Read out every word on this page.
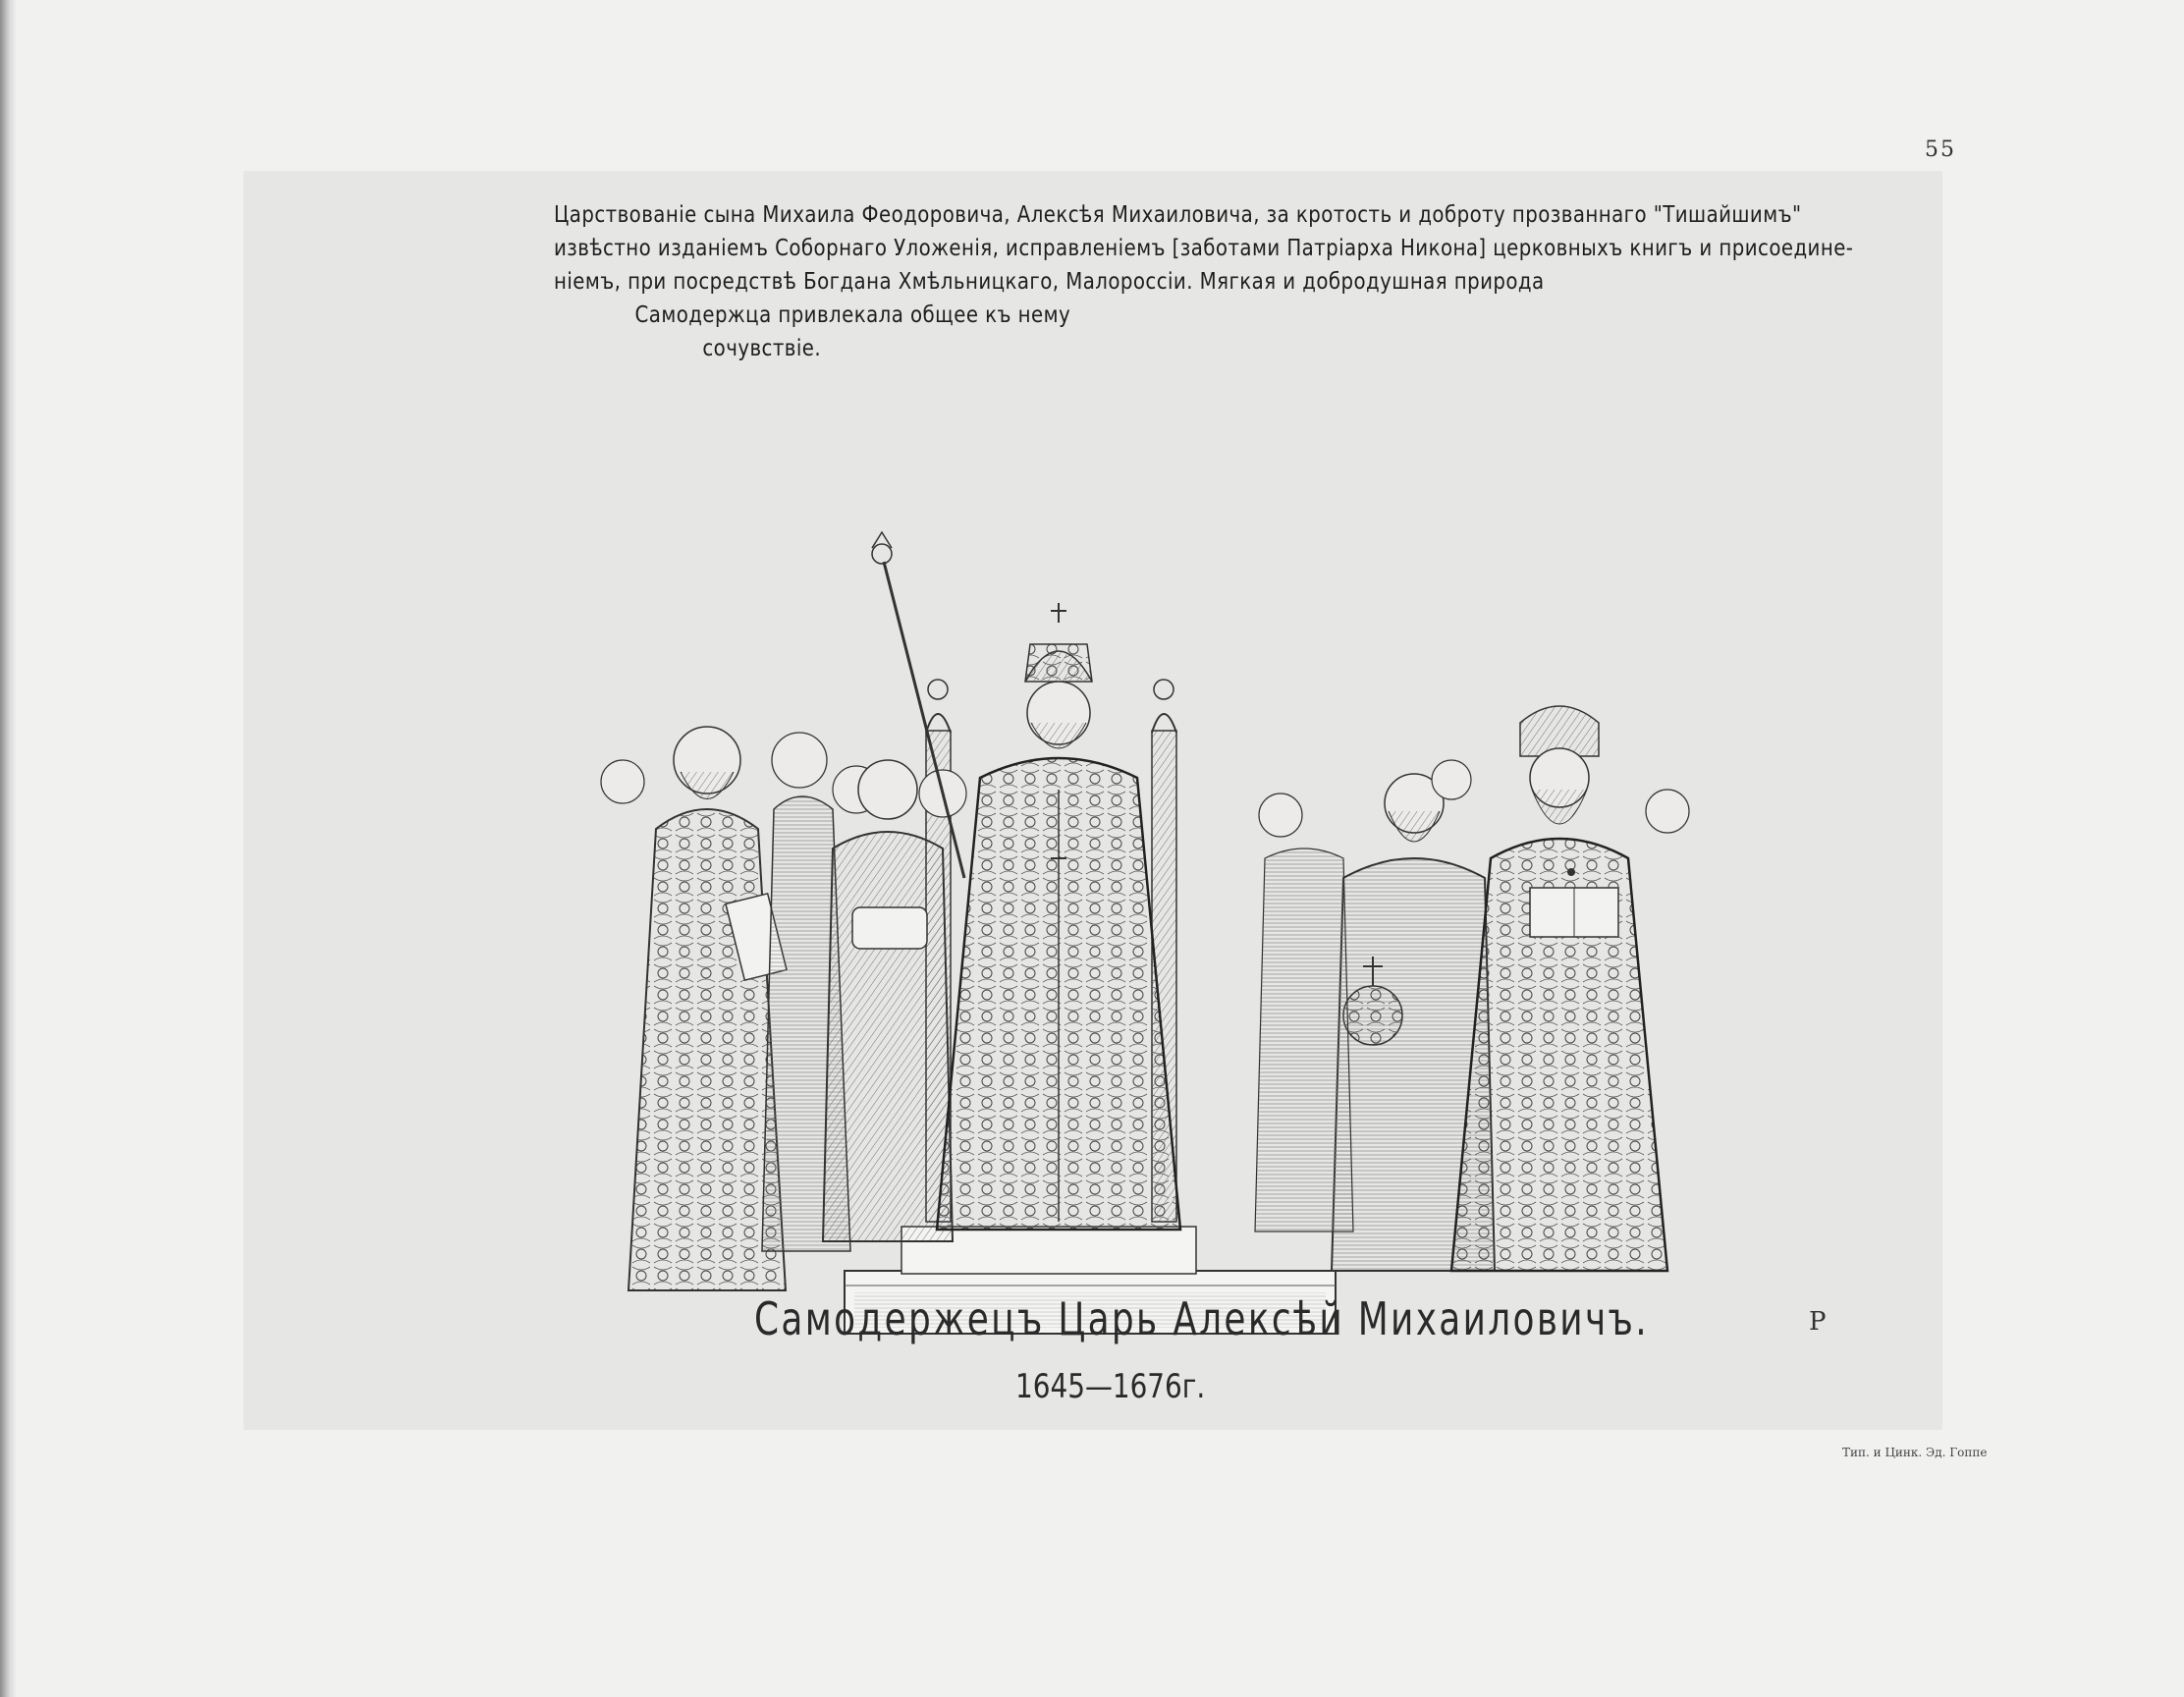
55
Царствованіе сына Михаила Феодоровича, Алексѣя Михаиловича, за кротость и доброту прозваннаго "Тишайшимъ"
извѣстно изданіемъ Соборнаго Уложенія, исправленіемъ [заботами Патріарха Никона] церковныхъ книгъ и присоедине-
ніемъ, при посредствѣ Богдана Хмѣльницкаго, Малороссіи. Мягкая и добродушная природа
Самодержца привлекала общее къ нему
сочувствіе.
Р
Самодержецъ Царь Алексѣй Михаиловичъ.
1645—1676г.
Тип. и Цинк. Эд. Гоппе
